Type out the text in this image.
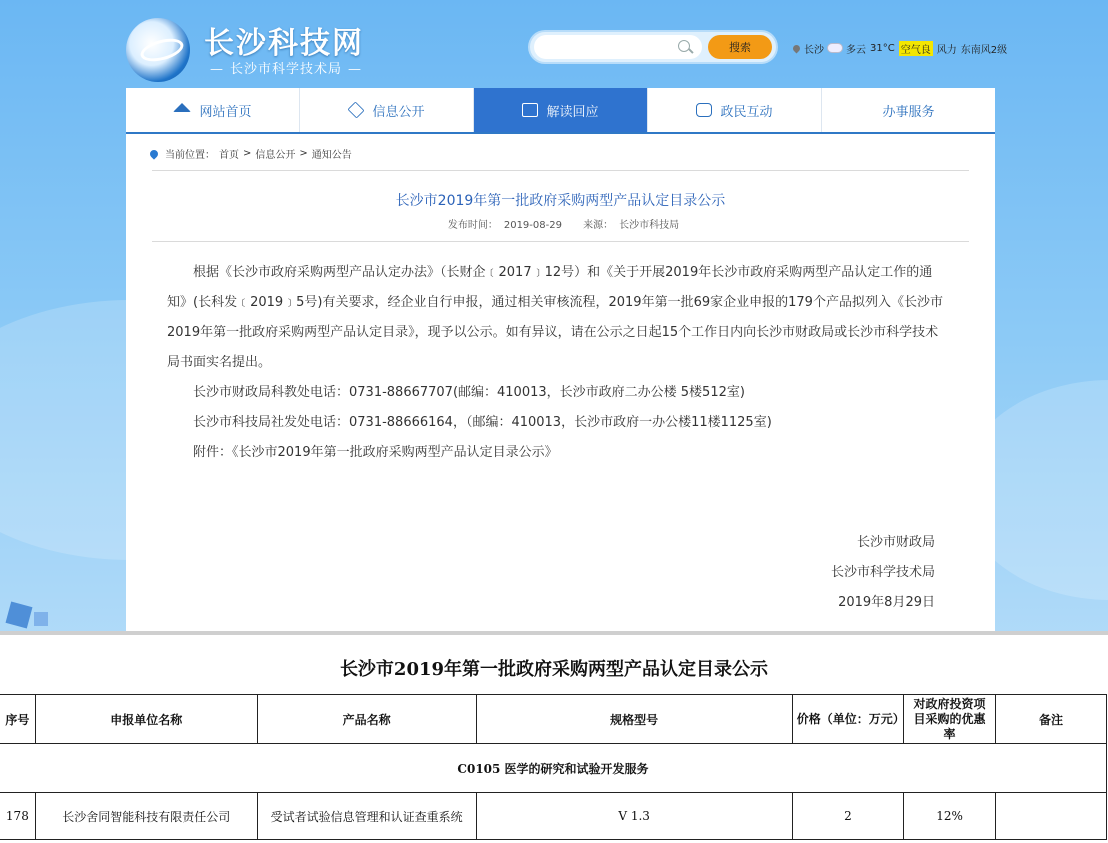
长沙科技网
— 长沙市科学技术局 —
搜索	长沙 多云 31°C 空气良 风力 东南风2级
网站首页	信息公开	解读回应	政民互动	办事服务
当前位置： 首页 > 信息公开 > 通知公告
长沙市2019年第一批政府采购两型产品认定目录公示
发布时间： 2019-08-29 来源： 长沙市科技局

根据《长沙市政府采购两型产品认定办法》（长财企﹝2017﹞12号）和《关于开展2019年长沙市政府采购两型产品认定工作的通知》(长科发﹝2019﹞5号)有关要求，经企业自行申报，通过相关审核流程，2019年第一批69家企业申报的179个产品拟列入《长沙市2019年第一批政府采购两型产品认定目录》，现予以公示。如有异议，请在公示之日起15个工作日内向长沙市财政局或长沙市科学技术局书面实名提出。

长沙市财政局科教处电话：0731-88667707(邮编：410013，长沙市政府二办公楼 5楼512室)

长沙市科技局社发处电话：0731-88666164，（邮编：410013，长沙市政府一办公楼11楼1125室)

附件：《长沙市2019年第一批政府采购两型产品认定目录公示》

长沙市财政局
长沙市科学技术局
2019年8月29日
长沙市2019年第一批政府采购两型产品认定目录公示
序号	申报单位名称	产品名称	规格型号	价格（单位：万元）	对政府投资项目采购的优惠率	备注
C0105 医学的研究和试验开发服务						
178	长沙舍同智能科技有限责任公司	受试者试验信息管理和认证查重系统	V 1.3	2	12%	
